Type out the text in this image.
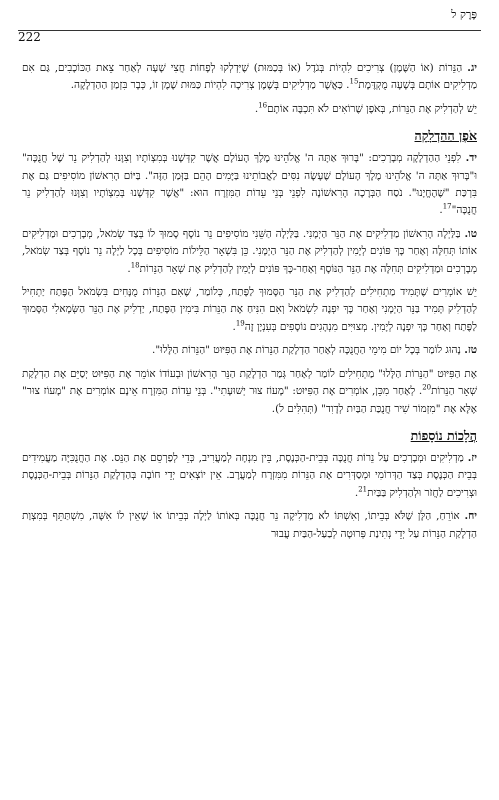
פֶּרֶק ל
222

יג. הַנֵּרוֹת (אוֹ הַשֶּׁמֶן) צְרִיכִים לִהְיוֹת בְּגֹדֶל (אוֹ בְּכַמּוּת) שֶׁיִּדְלְקוּ לְפָחוֹת חֲצִי שָׁעָה לְאַחַר צֵאת הַכּוֹכָבִים, גַּם אִם מַדְלִיקִים אוֹתָם בְּשָׁעָה מֻקְדֶּמֶת$^{15}$. כַּאֲשֶׁר מַדְלִיקִים בְּשֶׁמֶן צְרִיכָה לִהְיוֹת כַּמּוּת שֶׁמֶן זוֹ, כְּבָר בִּזְמַן הַהַדְלָקָה.

יֵשׁ לְהַדְלִיק אֶת הַנֵּרוֹת, בְּאֹפֶן שֶׁרוֹאִים לֹא תִּכְבֶּה אוֹתָם$^{16}$.

אֹפֶן הַהַדְלָקָה

יד. לִפְנֵי הַהַדְלָקָה מְבָרְכִים: "בָּרוּךְ אַתָּה ה' אֱלֹהֵינוּ מֶלֶךְ הָעוֹלָם אֲשֶׁר קִדְּשָׁנוּ בְּמִצְוֹתָיו וְצִוָּנוּ לְהַדְלִיק נֵר שֶׁל חֲנֻכָּה" וּ"בָּרוּךְ אַתָּה ה' אֱלֹהֵינוּ מֶלֶךְ הָעוֹלָם שֶׁעָשָׂה נִסִּים לַאֲבוֹתֵינוּ בַּיָּמִים הָהֵם בַּזְּמַן הַזֶּה". בַּיּוֹם הָרִאשׁוֹן מוֹסִיפִים גַּם אֶת בִּרְכַּת "שֶׁהֶחֱיָנוּ". נֹסַח הַבְּרָכָה הָרִאשׁוֹנָה לִפְנֵי בְּנֵי עֵדוֹת הַמִּזְרָח הוּא: "אֲשֶׁר קִדְּשָׁנוּ בְּמִצְוֹתָיו וְצִוָּנוּ לְהַדְלִיק נֵר חֲנֻכָּה"$^{17}$.

טו. בַּלַּיְלָה הָרִאשׁוֹן מַדְלִיקִים אֶת הַנֵּר הַיְמָנִי. בַּלַּיְלָה הַשֵּׁנִי מוֹסִיפִים נֵר נוֹסָף סָמוּךְ לוֹ בְּצַד שְׂמֹאל, מְבָרְכִים וּמַדְלִיקִים אוֹתוֹ תְּחִלָּה וְאַחַר כָּךְ פּוֹנִים לְיָמִין לְהַדְלִיק אֶת הַנֵּר הַיְמָנִי. כֵּן בִּשְׁאָר הַלֵּילוֹת מוֹסִיפִים בְּכָל לַיְלָה נֵר נוֹסָף בְּצַד שְׂמֹאל, מְבָרְכִים וּמַדְלִיקִים תְּחִלָּה אֶת הַנֵּר הַנּוֹסָף וְאַחַר-כָּךְ פּוֹנִים לְיָמִין לְהַדְלִיק אֶת שְׁאָר הַנֵּרוֹת$^{18}$.

יֵשׁ אוֹמְרִים שֶׁתָּמִיד מַתְחִילִים לְהַדְלִיק אֶת הַנֵּר הַסָּמוּךְ לַפֶּתַח, כְּלוֹמַר, שֶׁאִם הַנֵּרוֹת מֻנָּחִים בִּשְׂמֹאל הַפֶּתַח יַתְחִיל לְהַדְלִיק תָּמִיד בַּנֵּר הַיְמָנִי וְאַחַר כָּךְ יִפְנֶה לִשְׂמֹאל וְאִם הִנִּיחַ אֶת הַנֵּרוֹת בִּימִין הַפֶּתַח, יַדְלִיק אֶת הַנֵּר הַשְּׂמָאלִי הַסָּמוּךְ לַפֶּתַח וְאַחַר כָּךְ יִפְנֶה לְיָמִין. מְצוּיִּים מִנְהָגִים נוֹסָפִים בְּעִנְיָן זֶה$^{19}$.

טז. נָהוּג לוֹמַר בְּכָל יוֹם מִימֵי הַחֲנֻכָּה לְאַחַר הַדְלָקַת הַנֵּרוֹת אֶת הַפִּיּוּט "הַנֵּרוֹת הַלָּלוּ".

אֶת הַפִּיּוּט "הַנֵּרוֹת הַלָּלוּ" מַתְחִילִים לוֹמַר לְאַחַר גְּמַר הַדְלָקַת הַנֵּר הָרִאשׁוֹן וּבְעוֹדוֹ אוֹמֵר אֶת הַפִּיּוּט יְסַיֵּם אֶת הַדְלָקַת שְׁאָר הַנֵּרוֹת$^{20}$. לְאַחַר מִכֵּן, אוֹמְרִים אֶת הַפִּיּוּט: "מָעוֹז צוּר יְשׁוּעָתִי". בְּנֵי עֵדוֹת הַמִּזְרָח אֵינָם אוֹמְרִים אֶת "מָעוֹז צוּר" אֶלָּא אֶת "מִזְמוֹר שִׁיר חֲנֻכַּת הַבַּיִת לְדָוִד" (תְּהִלִּים ל).

הֲלָכוֹת נוֹסָפוֹת

יז. מַדְלִיקִים וּמְבָרְכִים עַל נֵרוֹת חֲנֻכָּה בְּבֵית-הַכְּנֶסֶת, בֵּין מִנְחָה לְמַעֲרִיב, כְּדֵי לְפַרְסֵם אֶת הַנֵּס. אֶת הַחֲנֻכִּיָּה מַעֲמִידִים בְּבֵית הַכְּנֶסֶת בְּצַד הַדְּרוֹמִי וּמְסַדְּרִים אֶת הַנֵּרוֹת מִמִּזְרָח לְמַעֲרָב. אֵין יוֹצְאִים יְדֵי חוֹבָה בְּהַדְלָקַת הַנֵּרוֹת בְּבֵית-הַכְּנֶסֶת וּצְרִיכִים לַחֲזֹר וּלְהַדְלִיק בַּבַּיִת$^{21}$.

יח. אוֹרֵחַ, הַלָּן שֶׁלֹּא בְּבֵיתוֹ, וְאִשְׁתּוֹ לֹא מַדְלִיקָה נֵר חֲנֻכָּה בְּאוֹתוֹ לַיְלָה בְּבֵיתוֹ אוֹ שֶׁאֵין לוֹ אִשָּׁה, מִשְׁתַּתֵּף בְּמִצְוַת הַדְלָקַת הַנֵּרוֹת עַל יְדֵי נְתִינַת פְּרוּטָה לְבַעַל-הַבַּיִת עֲבוּר
